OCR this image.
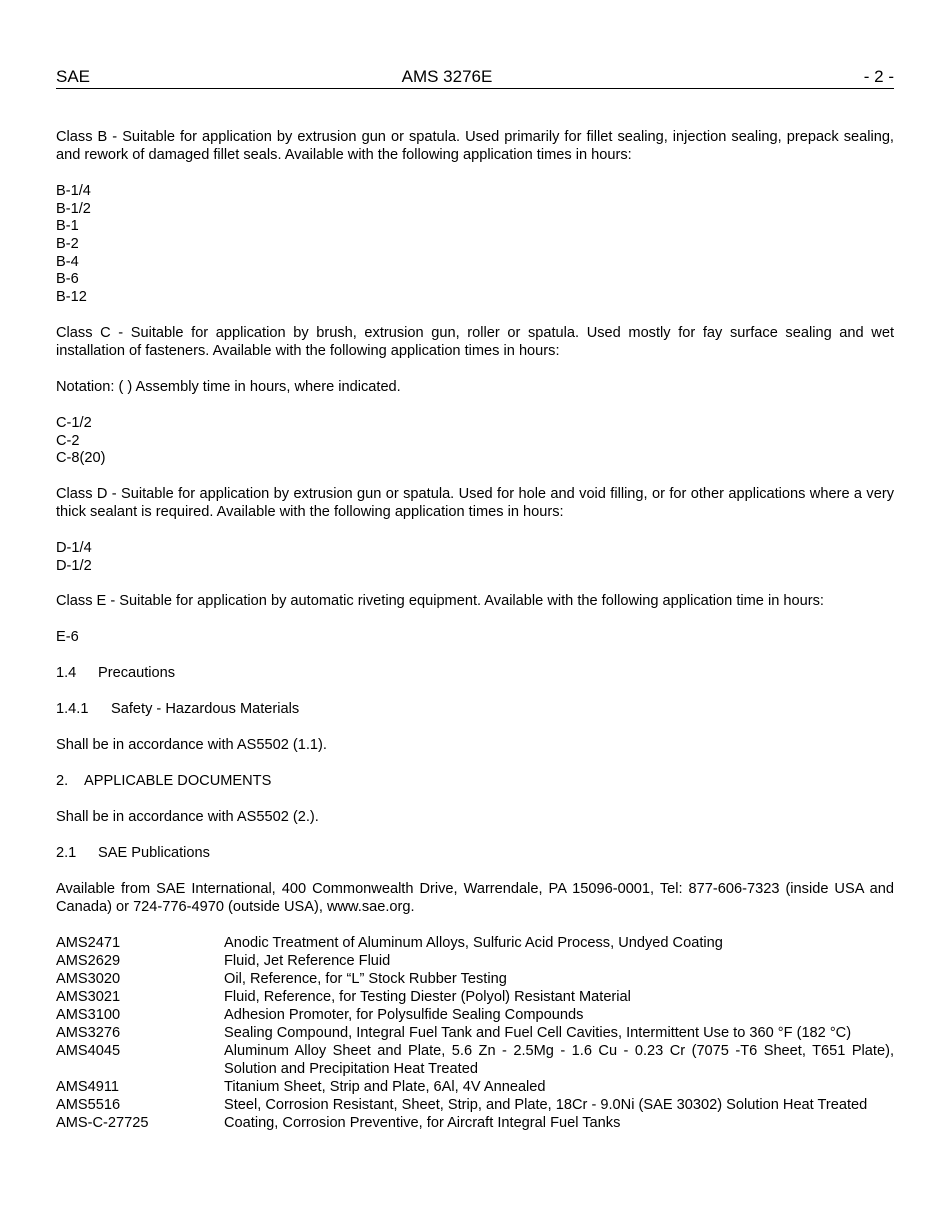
SAE	AMS 3276E	- 2 -

Class B - Suitable for application by extrusion gun or spatula. Used primarily for fillet sealing, injection sealing, prepack sealing, and rework of damaged fillet seals. Available with the following application times in hours:

B-1/4
B-1/2
B-1
B-2
B-4
B-6
B-12

Class C - Suitable for application by brush, extrusion gun, roller or spatula. Used mostly for fay surface sealing and wet installation of fasteners. Available with the following application times in hours:

Notation: ( ) Assembly time in hours, where indicated.

C-1/2
C-2
C-8(20)

Class D - Suitable for application by extrusion gun or spatula. Used for hole and void filling, or for other applications where a very thick sealant is required. Available with the following application times in hours:

D-1/4
D-1/2

Class E - Suitable for application by automatic riveting equipment. Available with the following application time in hours:

E-6
1.4 Precautions
1.4.1 Safety - Hazardous Materials

Shall be in accordance with AS5502 (1.1).

2. APPLICABLE DOCUMENTS

Shall be in accordance with AS5502 (2.).

2.1 SAE Publications

Available from SAE International, 400 Commonwealth Drive, Warrendale, PA 15096-0001, Tel: 877-606-7323 (inside USA and Canada) or 724-776-4970 (outside USA), www.sae.org.

AMS2471	Anodic Treatment of Aluminum Alloys, Sulfuric Acid Process, Undyed Coating
AMS2629	Fluid, Jet Reference Fluid
AMS3020	Oil, Reference, for “L” Stock Rubber Testing
AMS3021	Fluid, Reference, for Testing Diester (Polyol) Resistant Material
AMS3100	Adhesion Promoter, for Polysulfide Sealing Compounds
AMS3276	Sealing Compound, Integral Fuel Tank and Fuel Cell Cavities, Intermittent Use to 360 °F (182 °C)
AMS4045	Aluminum Alloy Sheet and Plate, 5.6 Zn - 2.5Mg - 1.6 Cu - 0.23 Cr (7075 -T6 Sheet, T651 Plate), Solution and Precipitation Heat Treated
AMS4911	Titanium Sheet, Strip and Plate, 6Al, 4V Annealed
AMS5516	Steel, Corrosion Resistant, Sheet, Strip, and Plate, 18Cr - 9.0Ni (SAE 30302) Solution Heat Treated
AMS-C-27725	Coating, Corrosion Preventive, for Aircraft Integral Fuel Tanks
